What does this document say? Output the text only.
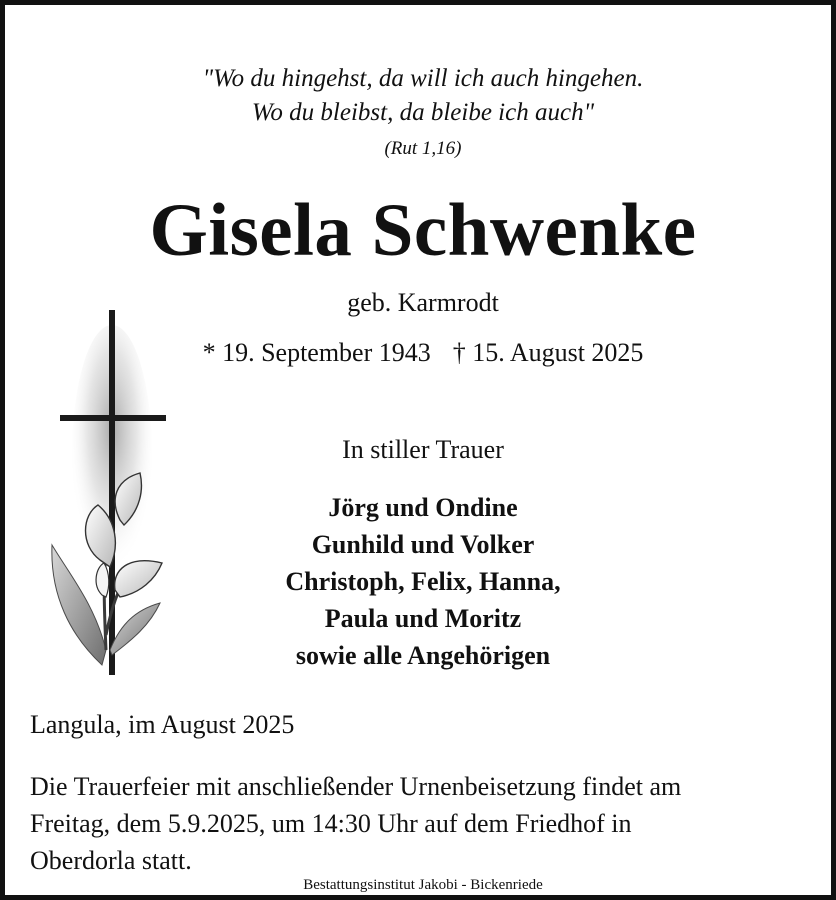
"Wo du hingehst, da will ich auch hingehen.
Wo du bleibst, da bleibe ich auch"
(Rut 1,16)
Gisela Schwenke
geb. Karmrodt
* 19. September 1943 † 15. August 2025
In stiller Trauer
Jörg und Ondine
Gunhild und Volker
Christoph, Felix, Hanna,
Paula und Moritz
sowie alle Angehörigen
Langula, im August 2025
Die Trauerfeier mit anschließender Urnenbeisetzung findet am
Freitag, dem 5.9.2025, um 14:30 Uhr auf dem Friedhof in
Oberdorla statt.
Bestattungsinstitut Jakobi - Bickenriede
